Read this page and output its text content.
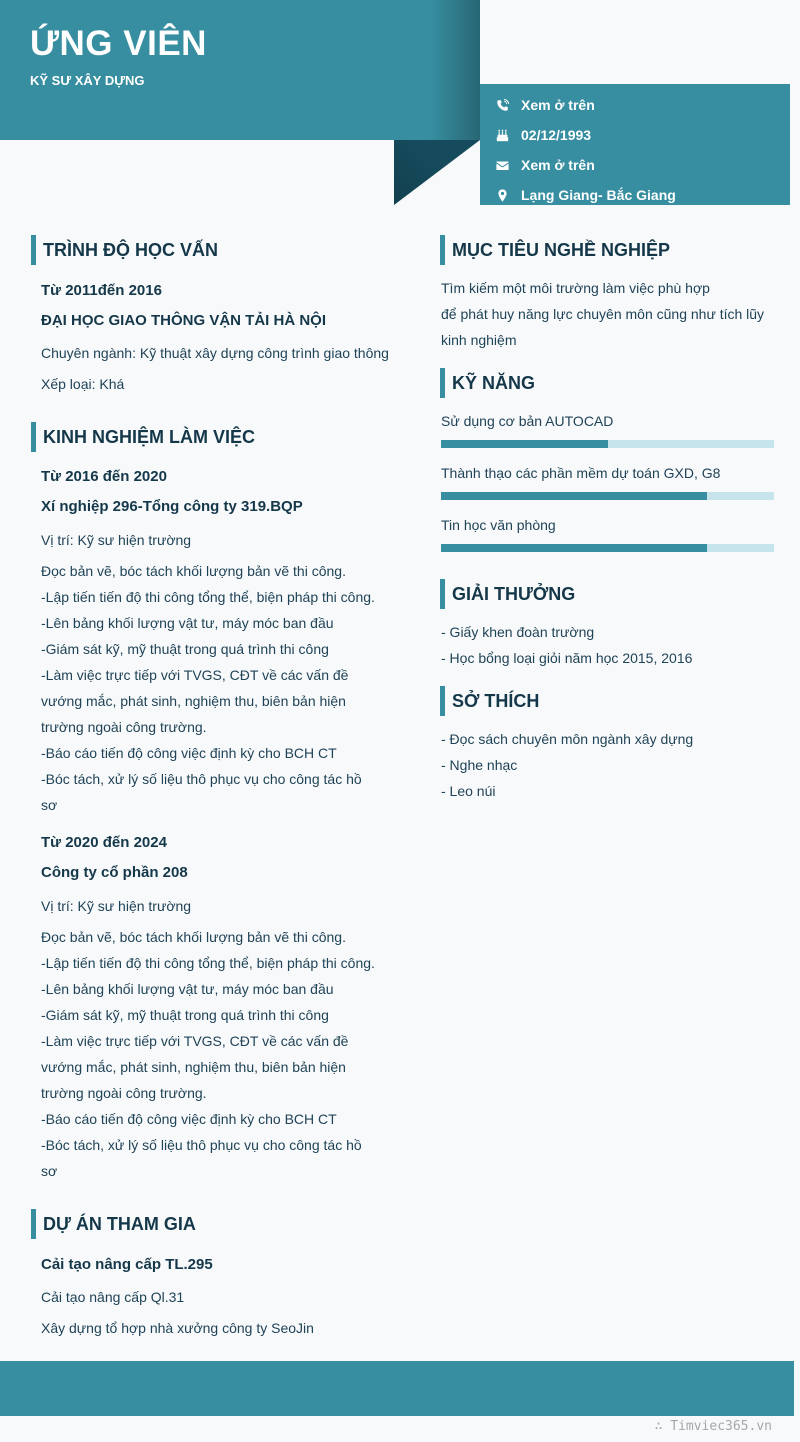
ỨNG VIÊN
KỸ SƯ XÂY DỰNG
Xem ở trên
02/12/1993
Xem ở trên
Lạng Giang- Bắc Giang
TRÌNH ĐỘ HỌC VẤN
Từ 2011đến 2016
ĐẠI HỌC GIAO THÔNG VẬN TẢI HÀ NỘI
Chuyên ngành: Kỹ thuật xây dựng công trình giao thông
Xếp loại: Khá
KINH NGHIỆM LÀM VIỆC
Từ 2016 đến 2020
Xí nghiệp 296-Tổng công ty 319.BQP
Vị trí: Kỹ sư hiện trường
Đọc bản vẽ, bóc tách khối lượng bản vẽ thi công.
-Lập tiến tiến độ thi công tổng thể, biện pháp thi công.
-Lên bảng khối lượng vật tư, máy móc ban đầu
-Giám sát kỹ, mỹ thuật trong quá trình thi công
-Làm việc trực tiếp với TVGS, CĐT về các vấn đề
vướng mắc, phát sinh, nghiệm thu, biên bản hiện
trường ngoài công trường.
-Báo cáo tiến độ công việc định kỳ cho BCH CT
-Bóc tách, xử lý số liệu thô phục vụ cho công tác hồ
sơ
Từ 2020 đến 2024
Công ty cổ phần 208
Vị trí: Kỹ sư hiện trường
Đọc bản vẽ, bóc tách khối lượng bản vẽ thi công.
-Lập tiến tiến độ thi công tổng thể, biện pháp thi công.
-Lên bảng khối lượng vật tư, máy móc ban đầu
-Giám sát kỹ, mỹ thuật trong quá trình thi công
-Làm việc trực tiếp với TVGS, CĐT về các vấn đề
vướng mắc, phát sinh, nghiệm thu, biên bản hiện
trường ngoài công trường.
-Báo cáo tiến độ công việc định kỳ cho BCH CT
-Bóc tách, xử lý số liệu thô phục vụ cho công tác hồ
sơ
DỰ ÁN THAM GIA
Cải tạo nâng cấp TL.295
Cải tạo nâng cấp Ql.31
Xây dựng tổ hợp nhà xưởng công ty SeoJin
MỤC TIÊU NGHỀ NGHIỆP
Tìm kiếm một môi trường làm việc phù hợp
để phát huy năng lực chuyên môn cũng như tích lũy
kinh nghiệm
KỸ NĂNG
Sử dụng cơ bản AUTOCAD
Thành thạo các phần mềm dự toán GXD, G8
Tin học văn phòng
GIẢI THƯỞNG
- Giấy khen đoàn trường
- Học bổng loại giỏi năm học 2015, 2016
SỞ THÍCH
- Đọc sách chuyên môn ngành xây dựng
- Nghe nhạc
- Leo núi
∴ Timviec365.vn
